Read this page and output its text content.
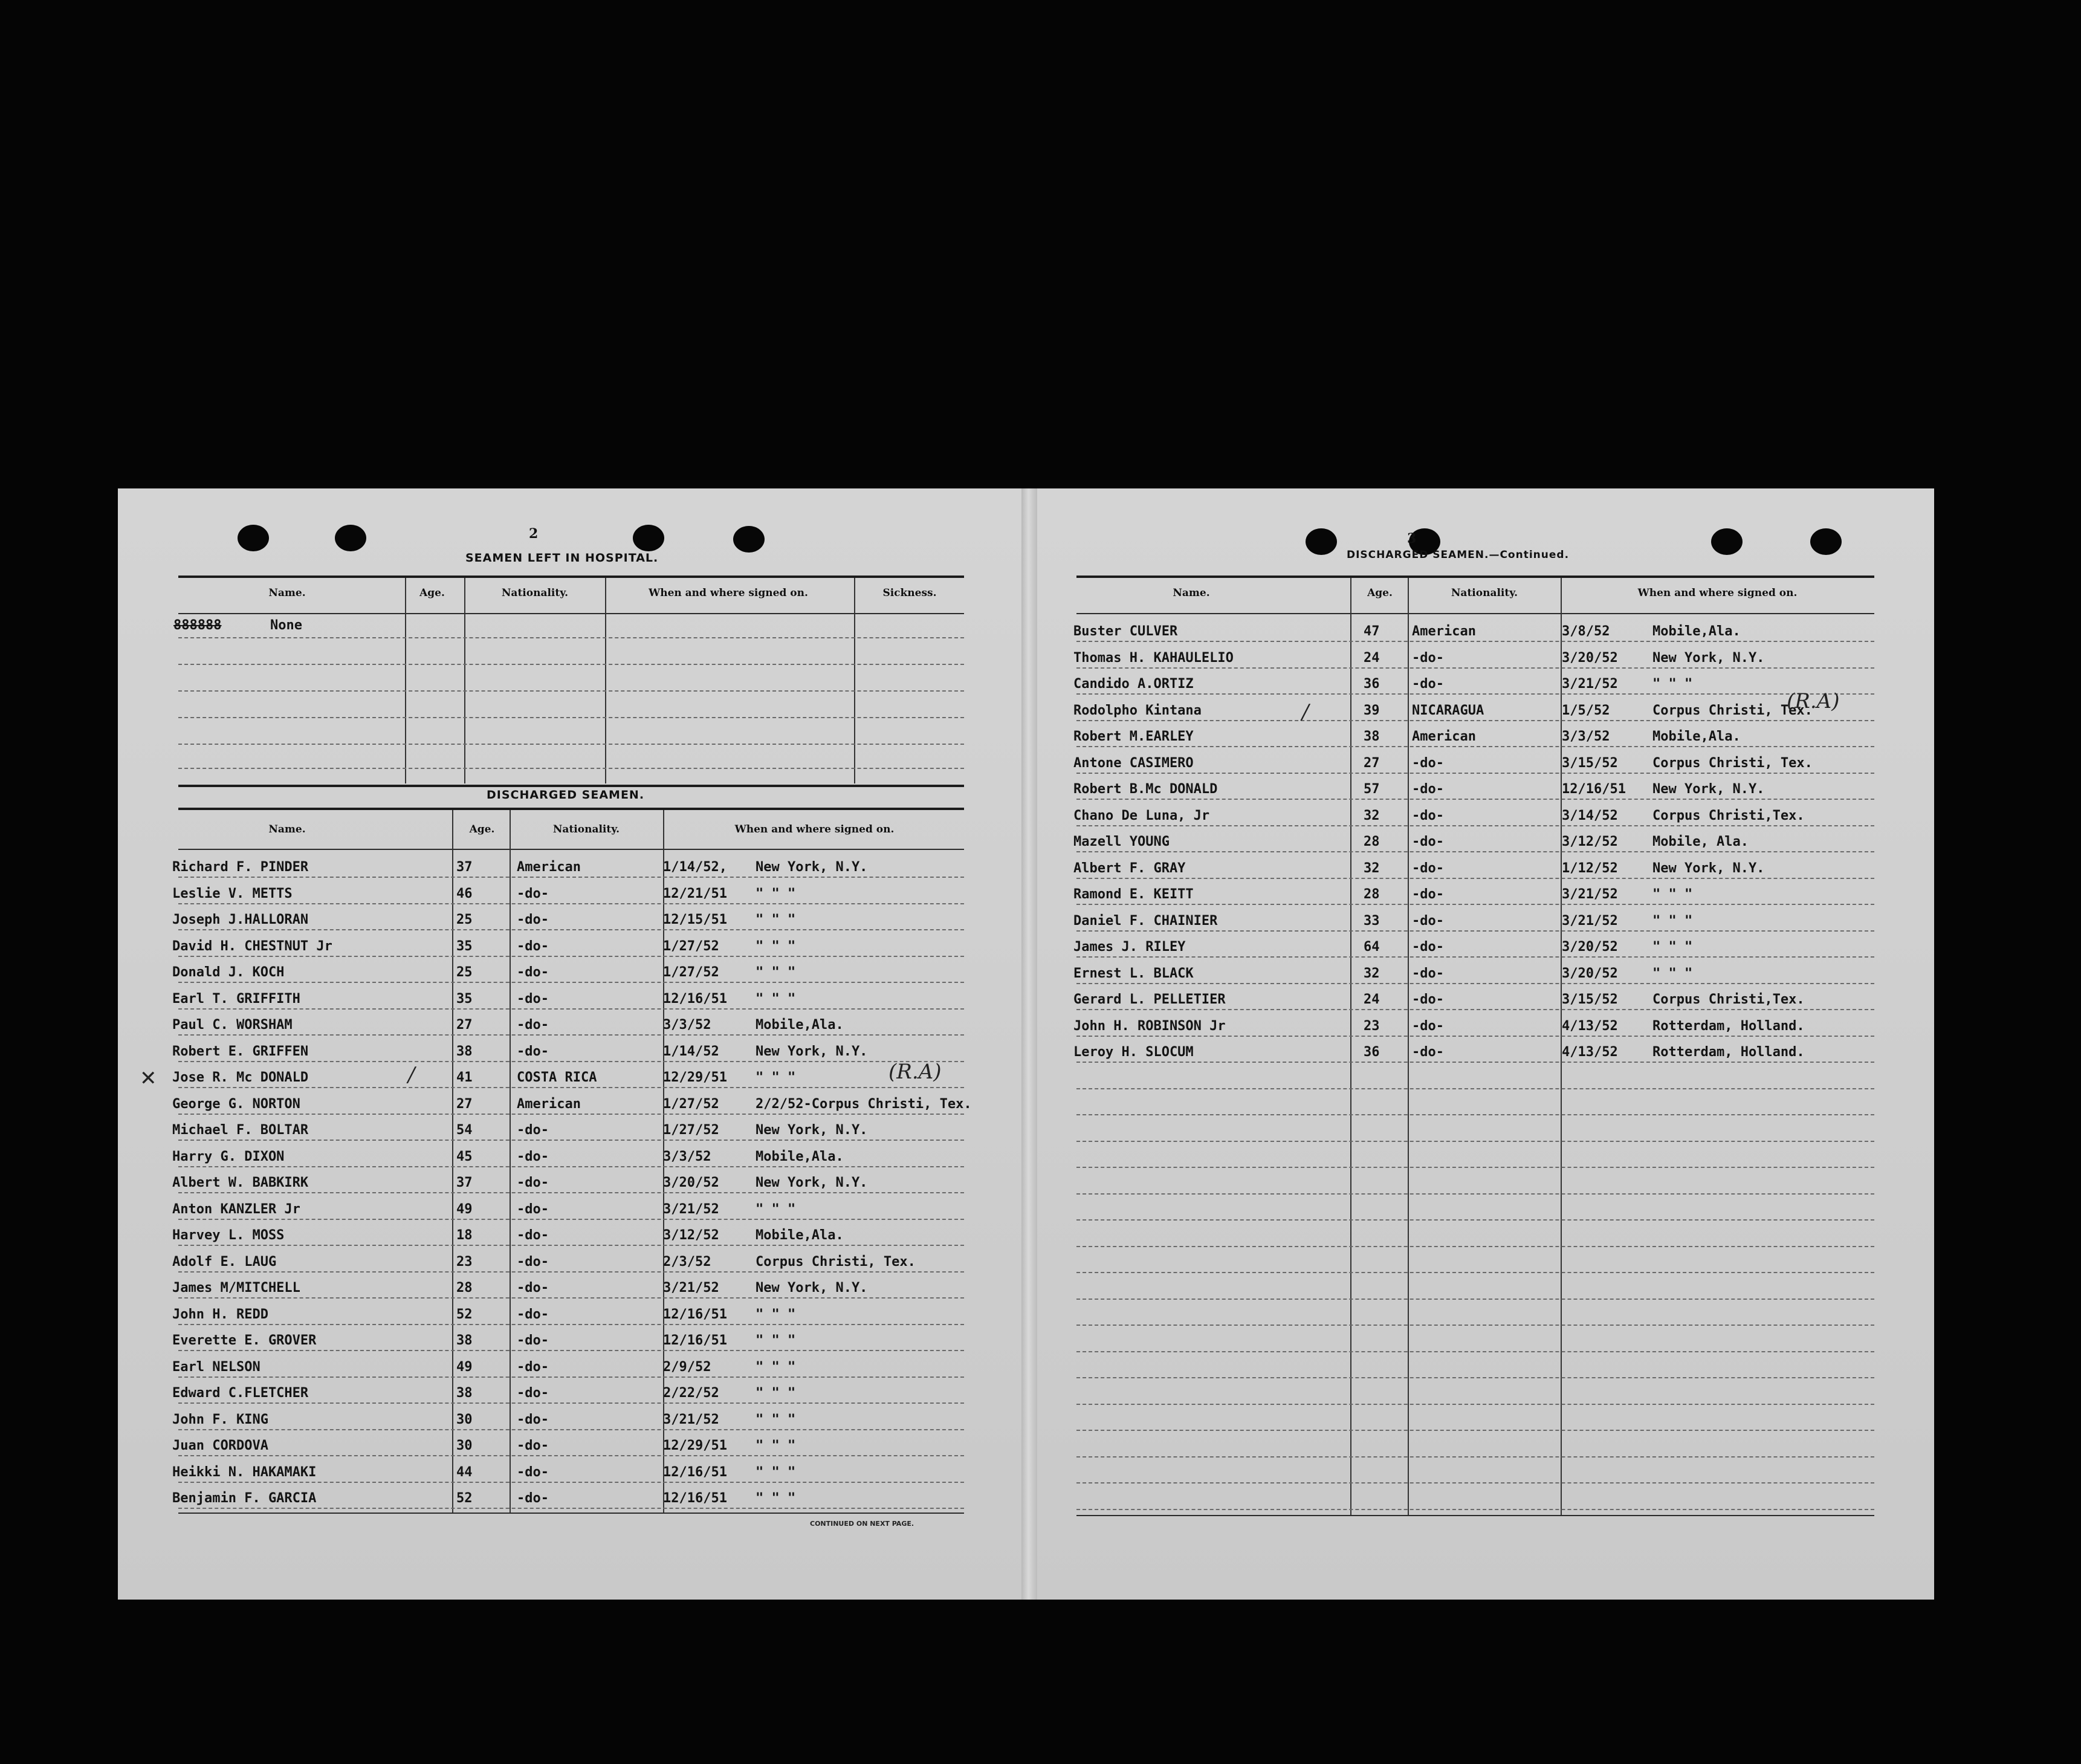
2
SEAMEN LEFT IN HOSPITAL.
Name.	Age.	Nationality.	When and where signed on.	Sickness.
888888	None
DISCHARGED SEAMEN.
Name.	Age.	Nationality.	When and where signed on.
Richard F. PINDER	37	American	1/14/52, New York, N.Y.
Leslie V. METTS	46	-do-	12/21/51 " " "
Joseph J.HALLORAN	25	-do-	12/15/51 " " "
David H. CHESTNUT Jr	35	-do-	1/27/52	" " "
Donald J. KOCH	25	-do-	1/27/52	" " "
Earl T. GRIFFITH	35	-do-	12/16/51 " " "
Paul C. WORSHAM	27	-do-	3/3/52	Mobile,Ala.
Robert E. GRIFFEN	38	-do-	1/14/52	New York, N.Y.
Jose R. Mc DONALD	41	COSTA RICA	12/29/51 " " "
George G. NORTON	27	American	1/27/52	2/2/52-Corpus Christi, Tex.
Michael F. BOLTAR	54	-do-	1/27/52	New York, N.Y.
Harry G. DIXON	45	-do-	3/3/52	Mobile,Ala.
Albert W. BABKIRK	37	-do-	3/20/52	New York, N.Y.
Anton KANZLER Jr	49	-do-	3/21/52	" " "
Harvey L. MOSS	18	-do-	3/12/52	Mobile,Ala.
Adolf E. LAUG	23	-do-	2/3/52	Corpus Christi, Tex.
James M/MITCHELL	28	-do-	3/21/52	New York, N.Y.
John H. REDD	52	-do-	12/16/51 " " "
Everette E. GROVER	38	-do-	12/16/51 " " "
Earl NELSON	49	-do-	2/9/52	" " "
Edward C.FLETCHER	38	-do-	2/22/52	" " "
John F. KING	30	-do-	3/21/52	" " "
Juan CORDOVA	30	-do-	12/29/51 " " "
Heikki N. HAKAMAKI	44	-do-	12/16/51 " " "
Benjamin F. GARCIA	52	-do-	12/16/51 " " "
CONTINUED ON NEXT PAGE.
✕	/	(R.A)
3
DISCHARGED SEAMEN.—Continued.
Name.	Age.	Nationality.	When and where signed on.
Buster CULVER	47 American	3/8/52	Mobile,Ala.
Thomas H. KAHAULELIO	24 -do-	3/20/52	New York, N.Y.
Candido A.ORTIZ	36 -do-	3/21/52	" " "
Rodolpho Kintana	39 NICARAGUA	1/5/52	Corpus Christi, Tex.
Robert M.EARLEY	38 American	3/3/52	Mobile,Ala.
Antone CASIMERO	27 -do-	3/15/52	Corpus Christi, Tex.
Robert B.Mc DONALD	57 -do-	12/16/51 New York, N.Y.
Chano De Luna, Jr	32 -do-	3/14/52	Corpus Christi,Tex.
Mazell YOUNG	28 -do-	3/12/52	Mobile, Ala.
Albert F. GRAY	32 -do-	1/12/52	New York, N.Y.
Ramond E. KEITT	28 -do-	3/21/52	" " "
Daniel F. CHAINIER	33 -do-	3/21/52	" " "
James J. RILEY	64 -do-	3/20/52	" " "
Ernest L. BLACK	32 -do-	3/20/52	" " "
Gerard L. PELLETIER	24 -do-	3/15/52	Corpus Christi,Tex.
John H. ROBINSON Jr	23 -do-	4/13/52	Rotterdam, Holland.
Leroy H. SLOCUM	36 -do-	4/13/52	Rotterdam, Holland.
/	(R.A)
